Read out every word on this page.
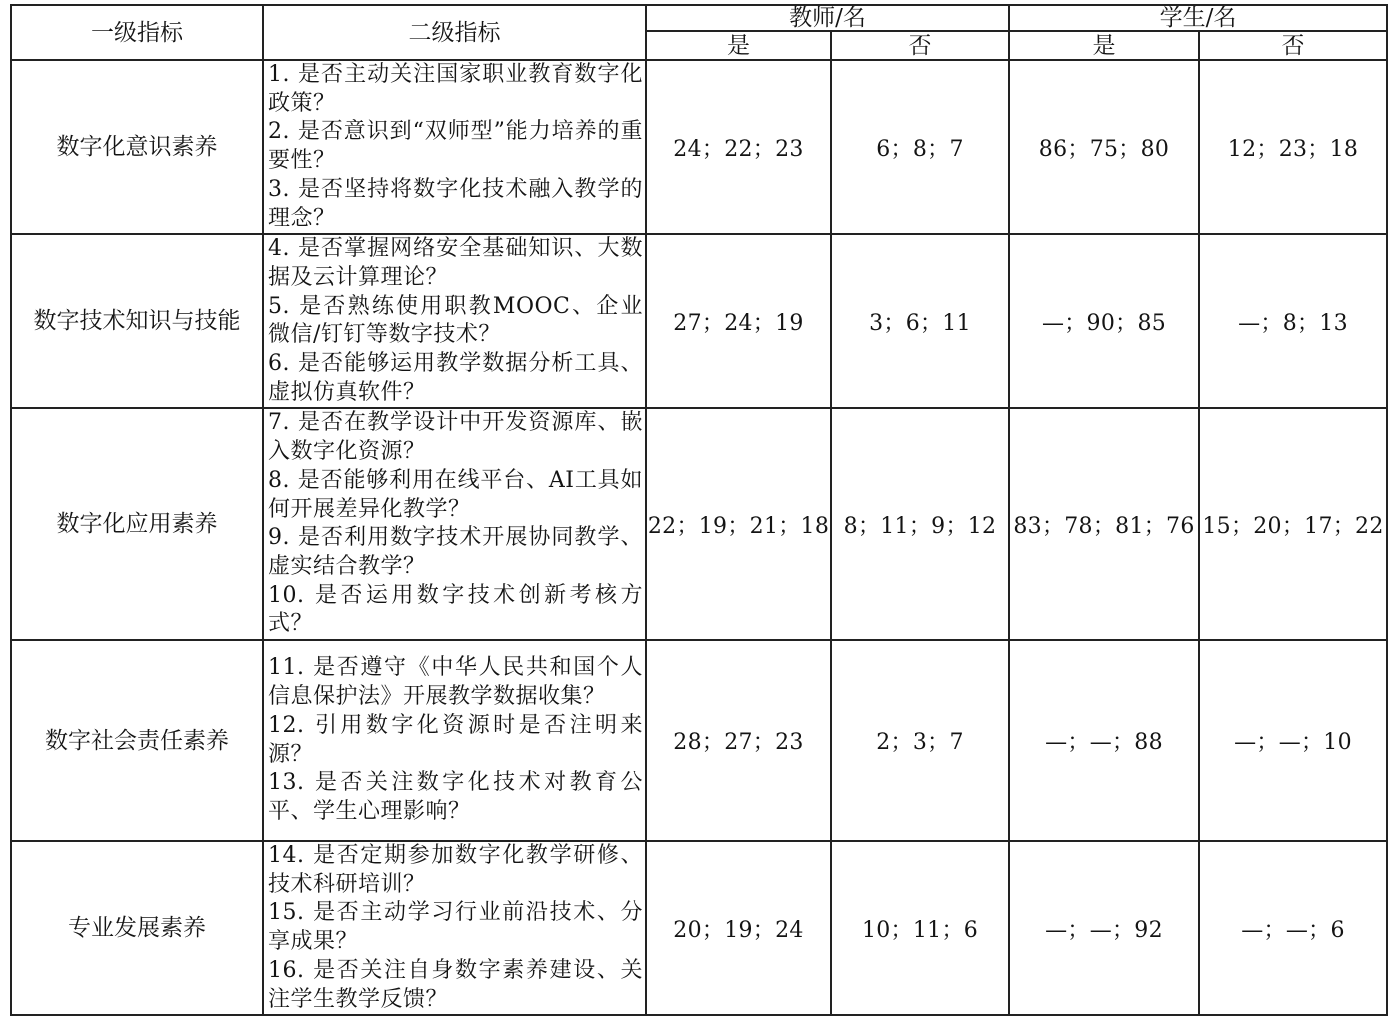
一级指标	二级指标	教师/名		学生/名	
		是	否	是	否
数字化意识素养	1. 是否主动关注国家职业教育数字化政策？
2. 是否意识到“双师型”能力培养的重要性？
3. 是否坚持将数字化技术融入教学的理念？	24；22；23	6；8；7	86；75；80	12；23；18
数字技术知识与技能	4. 是否掌握网络安全基础知识、大数据及云计算理论？
5. 是否熟练使用职教MOOC、企业微信/钉钉等数字技术？
6. 是否能够运用教学数据分析工具、虚拟仿真软件？	27；24；19	3；6；11	—；90；85	—；8；13
数字化应用素养	7. 是否在教学设计中开发资源库、嵌入数字化资源？
8. 是否能够利用在线平台、AI工具如何开展差异化教学？
9. 是否利用数字技术开展协同教学、虚实结合教学？
10. 是否运用数字技术创新考核方式？	22；19；21；18	8；11；9；12	83；78；81；76	15；20；17；22
数字社会责任素养	11. 是否遵守《中华人民共和国个人信息保护法》开展教学数据收集？
12. 引用数字化资源时是否注明来源？
13. 是否关注数字化技术对教育公平、学生心理影响？	28；27；23	2；3；7	—；—；88	—；—；10
专业发展素养	14. 是否定期参加数字化教学研修、技术科研培训？
15. 是否主动学习行业前沿技术、分享成果？
16. 是否关注自身数字素养建设、关注学生教学反馈？	20；19；24	10；11；6	—；—；92	—；—；6
